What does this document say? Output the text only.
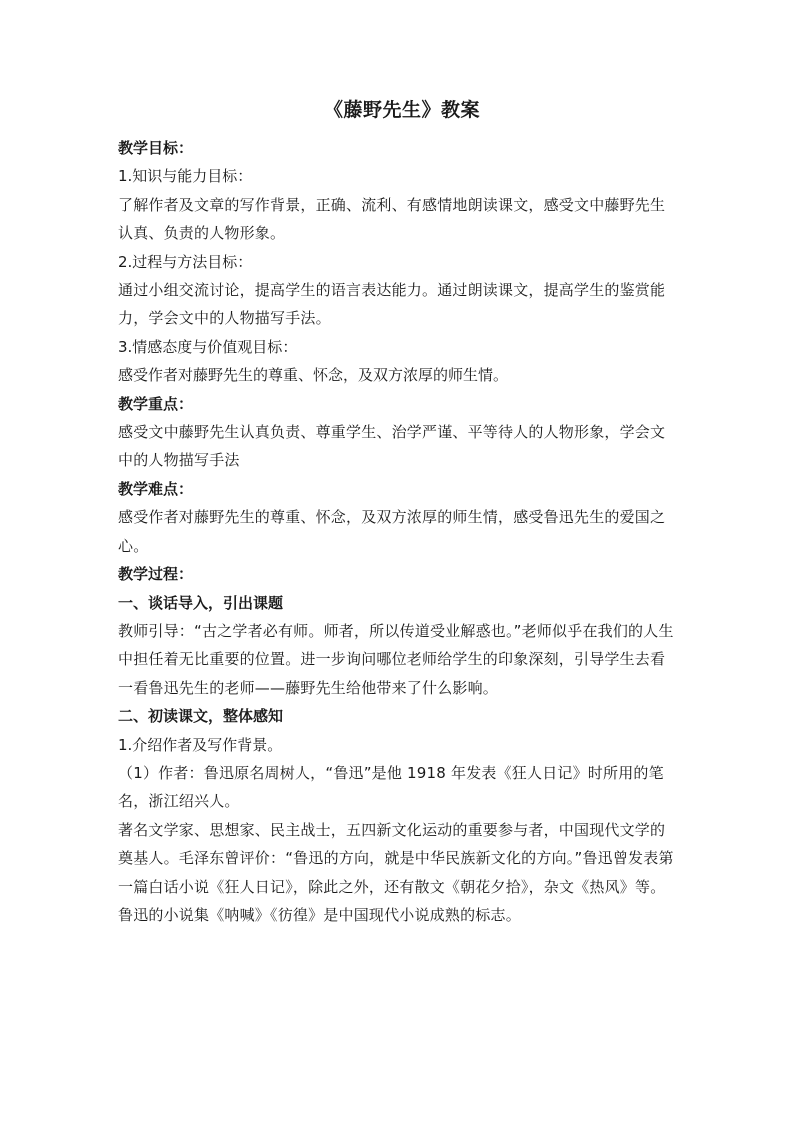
《藤野先生》教案

教学目标：

1.知识与能力目标：

了解作者及文章的写作背景，正确、流利、有感情地朗读课文，感受文中藤野先生认真、负责的人物形象。

2.过程与方法目标：

通过小组交流讨论，提高学生的语言表达能力。通过朗读课文，提高学生的鉴赏能力，学会文中的人物描写手法。

3.情感态度与价值观目标：

感受作者对藤野先生的尊重、怀念，及双方浓厚的师生情。

教学重点：

感受文中藤野先生认真负责、尊重学生、治学严谨、平等待人的人物形象，学会文中的人物描写手法

教学难点：

感受作者对藤野先生的尊重、怀念，及双方浓厚的师生情，感受鲁迅先生的爱国之心。

教学过程：

一、谈话导入，引出课题

教师引导：“古之学者必有师。师者，所以传道受业解惑也。”老师似乎在我们的人生中担任着无比重要的位置。进一步询问哪位老师给学生的印象深刻，引导学生去看一看鲁迅先生的老师——藤野先生给他带来了什么影响。

二、初读课文，整体感知

1.介绍作者及写作背景。

（1）作者：鲁迅原名周树人，“鲁迅”是他 1918 年发表《狂人日记》时所用的笔名，浙江绍兴人。

著名文学家、思想家、民主战士，五四新文化运动的重要参与者，中国现代文学的奠基人。毛泽东曾评价：“鲁迅的方向，就是中华民族新文化的方向。”鲁迅曾发表第一篇白话小说《狂人日记》，除此之外，还有散文《朝花夕拾》，杂文《热风》等。鲁迅的小说集《呐喊》《彷徨》是中国现代小说成熟的标志。
